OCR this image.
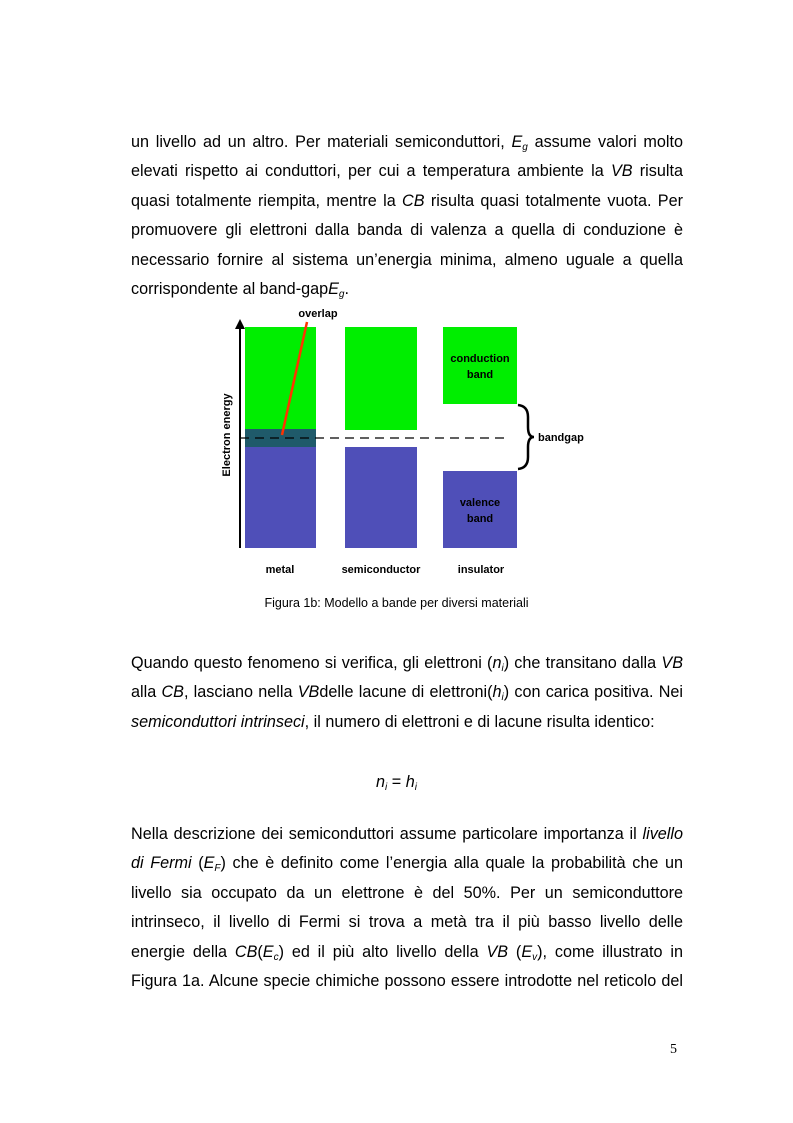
un livello ad un altro. Per materiali semiconduttori, $E_g$ assume valori molto
elevati rispetto ai conduttori, per cui a temperatura ambiente la VB risulta
quasi totalmente riempita, mentre la CB risulta quasi totalmente vuota. Per
promuovere gli elettroni dalla banda di valenza a quella di conduzione è
necessario fornire al sistema un’energia minima, almeno uguale a quella
corrispondente al band-gapE$_g$.
Electron energy
overlap
conduction
band
valence
band
bandgap
metal	semiconductor	insulator
Figura 1b: Modello a bande per diversi materiali
Quando questo fenomeno si verifica, gli elettroni $(n_i)$ che transitano dalla VB
alla CB, lasciano nella VBdelle lacune di $elettroni(h_i)$ con carica positiva. Nei
semiconduttori intrinseci, il numero di elettroni e di lacune risulta identico:
$n_i = h_i$
Nella descrizione dei semiconduttori assume particolare importanza il livello
di Fermi $(E_F)$ che è definito come l’energia alla quale la probabilità che un
livello sia occupato da un elettrone è del 50%. Per un semiconduttore
intrinseco, il livello di Fermi si trova a metà tra il più basso livello delle
energie della $CB(E_c)$ ed il più alto livello della VB $(E_v)$, come illustrato in
Figura 1a. Alcune specie chimiche possono essere introdotte nel reticolo del
5
